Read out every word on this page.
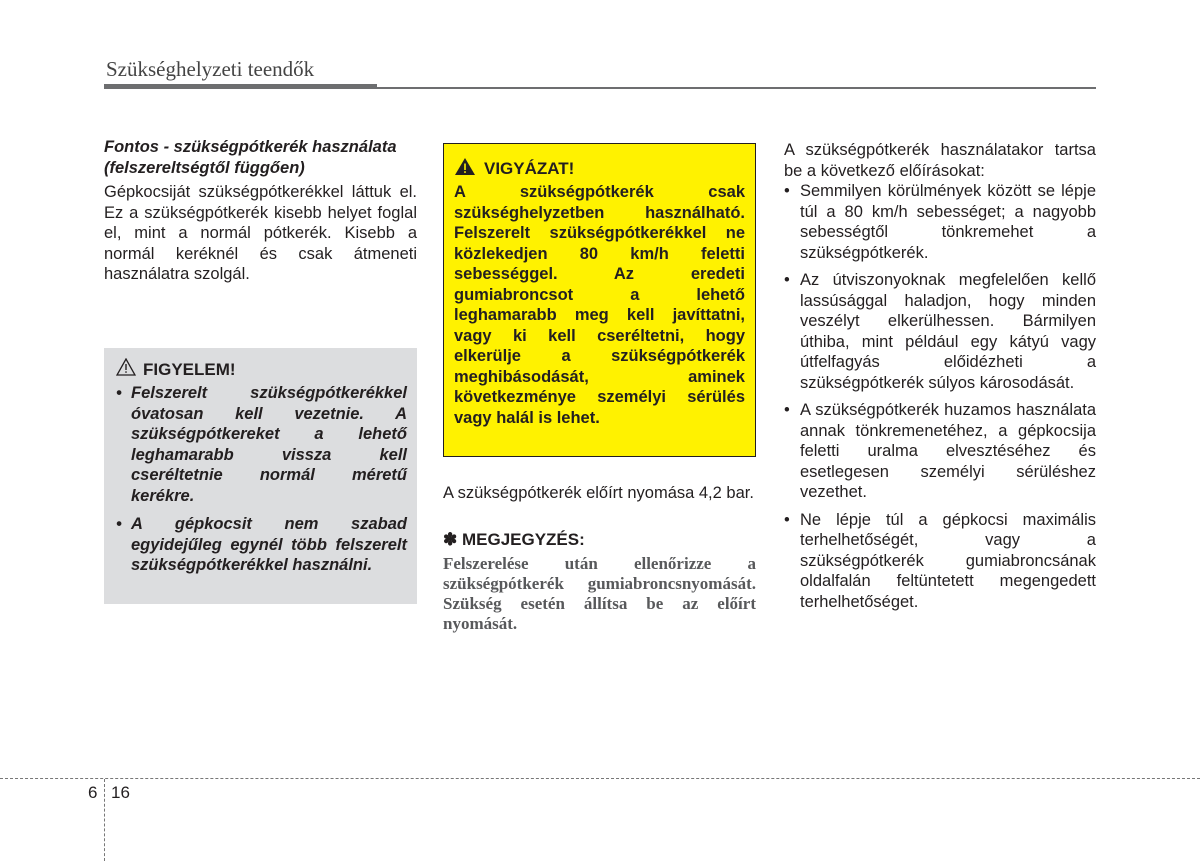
Szükséghelyzeti teendők

Fontos - szükségpótkerék használata (felszereltségtől függően)

Gépkocsiját szükségpótkerékkel láttuk el. Ez a szükségpótkerék kisebb helyet foglal el, mint a normál pótkerék. Kisebb a normál keréknél és csak átmeneti használatra szolgál.

FIGYELEM!
• Felszerelt szükségpótkerékkel óvatosan kell vezetnie. A szükségpótkereket a lehető leghamarabb vissza kell cseréltetnie normál méretű kerékre.
• A gépkocsit nem szabad egyidejűleg egynél több felszerelt szükségpótkerékkel használni.
VIGYÁZAT!

A szükségpótkerék csak szükséghelyzetben használható. Felszerelt szükségpótkerékkel ne közlekedjen 80 km/h feletti sebességgel. Az eredeti gumiabroncsot a lehető leghamarabb meg kell javíttatni, vagy ki kell cseréltetni, hogy elkerülje a szükségpótkerék meghibásodását, aminek következménye személyi sérülés vagy halál is lehet.

A szükségpótkerék előírt nyomása 4,2 bar.

✽ MEGJEGYZÉS:

Felszerelése után ellenőrizze a szükségpótkerék gumiabroncsnyomását. Szükség esetén állítsa be az előírt nyomását.

A szükségpótkerék használatakor tartsa be a következő előírásokat:

• Semmilyen körülmények között se lépje túl a 80 km/h sebességet; a nagyobb sebességtől tönkremehet a szükségpótkerék.
• Az útviszonyoknak megfelelően kellő lassúsággal haladjon, hogy minden veszélyt elkerülhessen. Bármilyen úthiba, mint például egy kátyú vagy útfelfagyás előidézheti a szükségpótkerék súlyos károsodását.
• A szükségpótkerék huzamos használata annak tönkremenetéhez, a gépkocsija feletti uralma elvesztéséhez és esetlegesen személyi sérüléshez vezethet.
• Ne lépje túl a gépkocsi maximális terhelhetőségét, vagy a szükségpótkerék gumiabroncsának oldalfalán feltüntetett megengedett terhelhetőséget.
6 16
